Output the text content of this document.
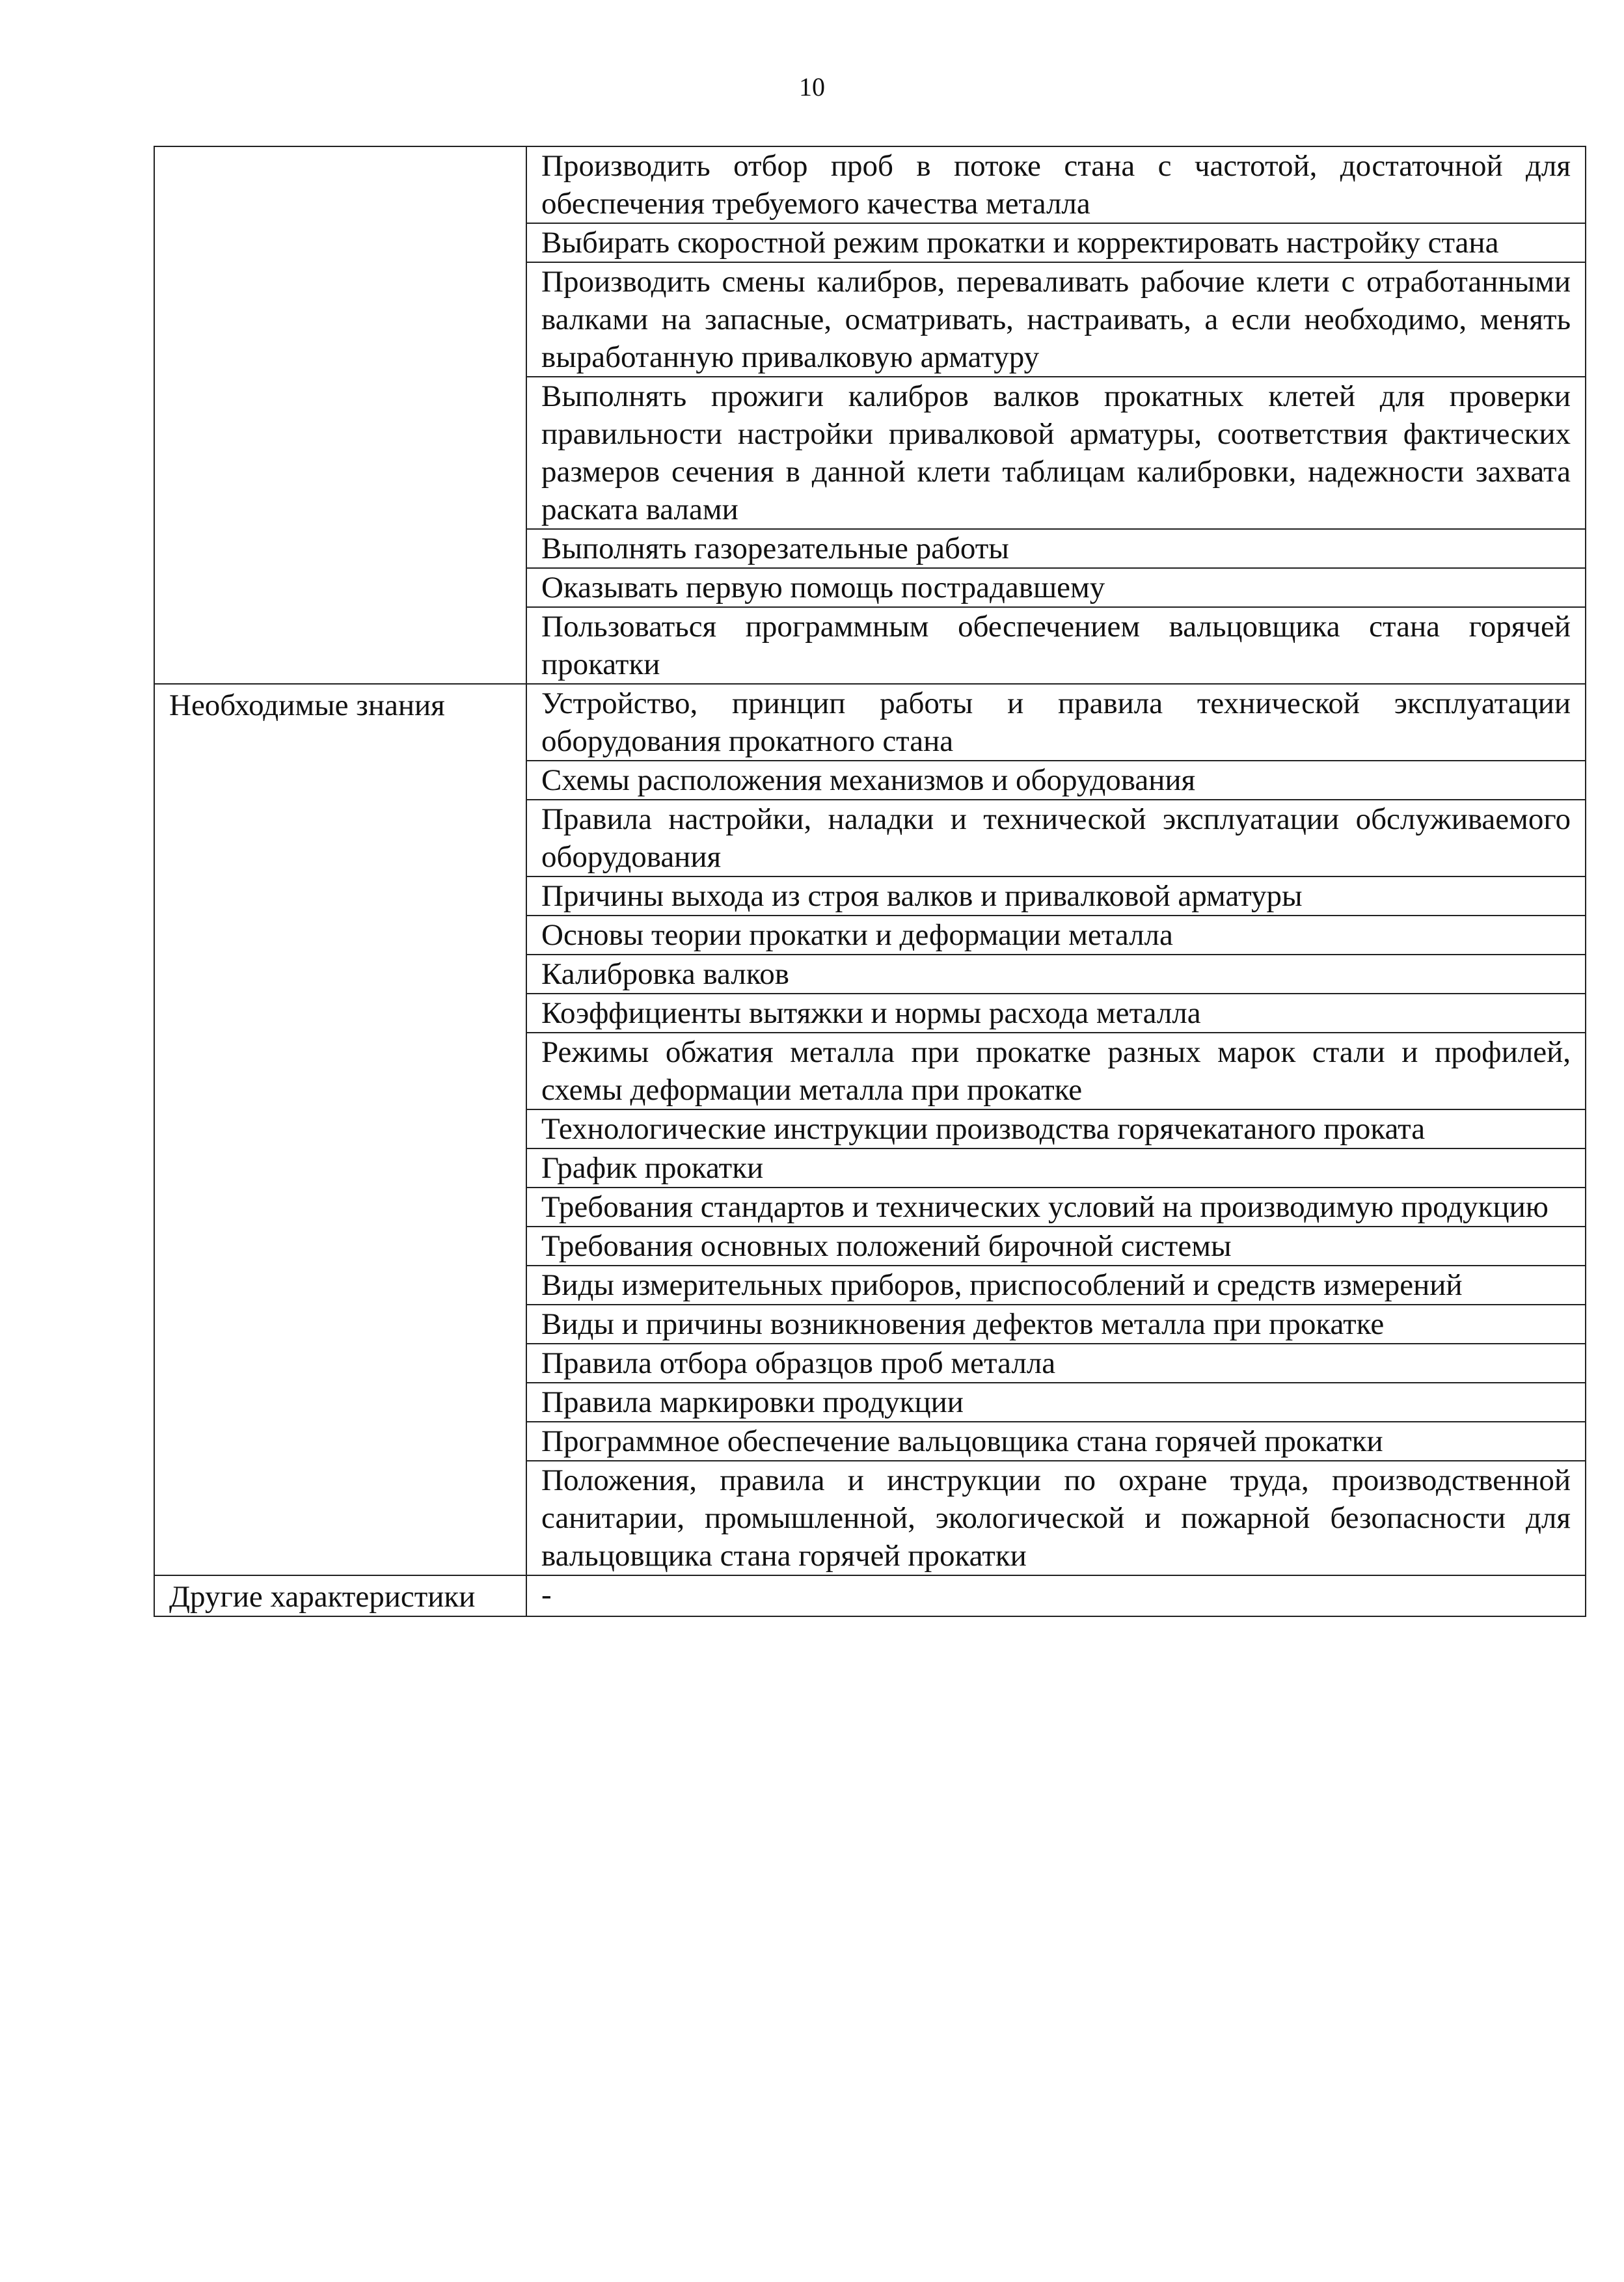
10
	Производить отбор проб в потоке стана с частотой, достаточной для обеспечения требуемого качества металла
	Выбирать скоростной режим прокатки и корректировать настройку стана
	Производить смены калибров, переваливать рабочие клети с отработанными валками на запасные, осматривать, настраивать, а если необходимо, менять выработанную привалковую арматуру
	Выполнять прожиги калибров валков прокатных клетей для проверки правильности настройки привалковой арматуры, соответствия фактических размеров сечения в данной клети таблицам калибровки, надежности захвата раската валами
	Выполнять газорезательные работы
	Оказывать первую помощь пострадавшему
	Пользоваться программным обеспечением вальцовщика стана горячей прокатки
Необходимые знания	Устройство, принцип работы и правила технической эксплуатации оборудования прокатного стана
	Схемы расположения механизмов и оборудования
	Правила настройки, наладки и технической эксплуатации обслуживаемого оборудования
	Причины выхода из строя валков и привалковой арматуры
	Основы теории прокатки и деформации металла
	Калибровка валков
	Коэффициенты вытяжки и нормы расхода металла
	Режимы обжатия металла при прокатке разных марок стали и профилей, схемы деформации металла при прокатке
	Технологические инструкции производства горячекатаного проката
	График прокатки
	Требования стандартов и технических условий на производимую продукцию
	Требования основных положений бирочной системы
	Виды измерительных приборов, приспособлений и средств измерений
	Виды и причины возникновения дефектов металла при прокатке
	Правила отбора образцов проб металла
	Правила маркировки продукции
	Программное обеспечение вальцовщика стана горячей прокатки
	Положения, правила и инструкции по охране труда, производственной санитарии, промышленной, экологической и пожарной безопасности для вальцовщика стана горячей прокатки
Другие характеристики	-
